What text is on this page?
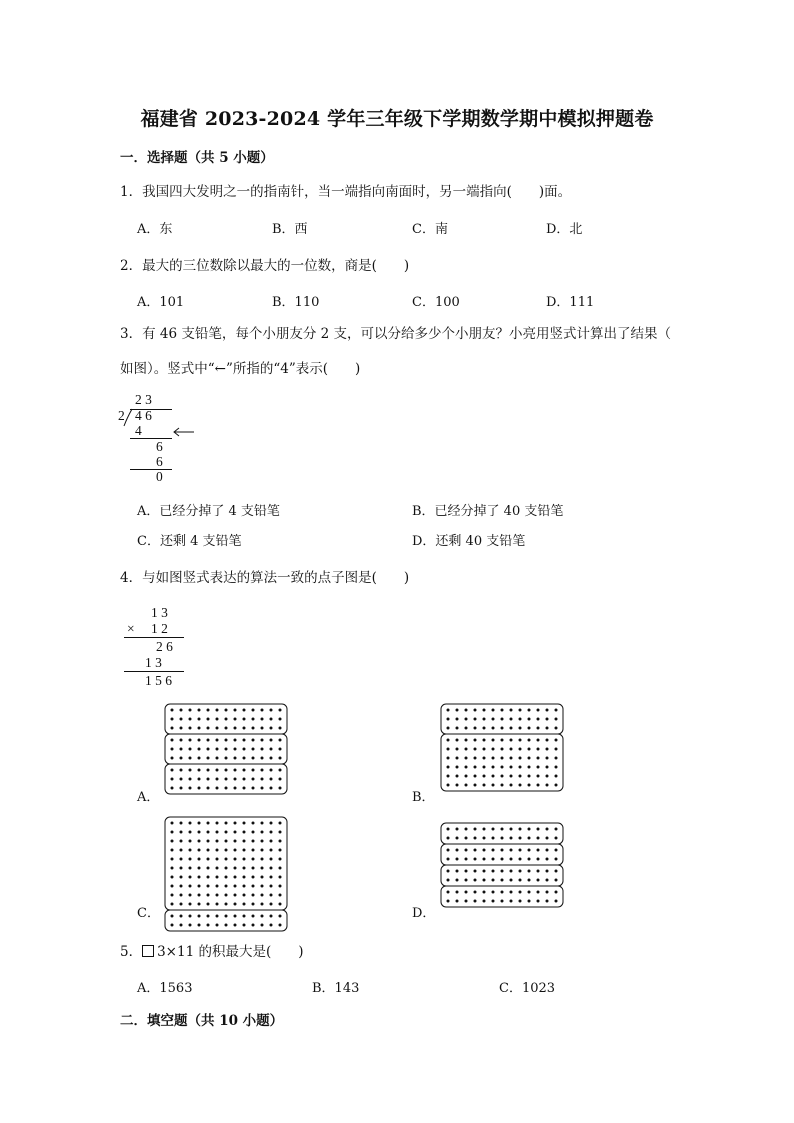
福建省 2023-2024 学年三年级下学期数学期中模拟押题卷
一．选择题（共 5 小题）
1．我国四大发明之一的指南针，当一端指向南面时，另一端指向(　　)面。
A．东	B．西	C．南	D．北
2．最大的三位数除以最大的一位数，商是(　　)
A．101	B．110	C．100	D．111
3．有 46 支铅笔，每个小朋友分 2 支，可以分给多少个小朋友？小亮用竖式计算出了结果（
如图）。竖式中“←”所指的“4”表示(　　)
2 3
2 4 6
4
6
6
0
A．已经分掉了 4 支铅笔	B．已经分掉了 40 支铅笔
C．还剩 4 支铅笔	D．还剩 40 支铅笔
4．与如图竖式表达的算法一致的点子图是(　　)
1 3
× 1 2
2 6
1 3
1 5 6
A．	B．
C．	D．
5． 3×11 的积最大是(　　)
A．1563	B．143	C．1023
二．填空题（共 10 小题）
